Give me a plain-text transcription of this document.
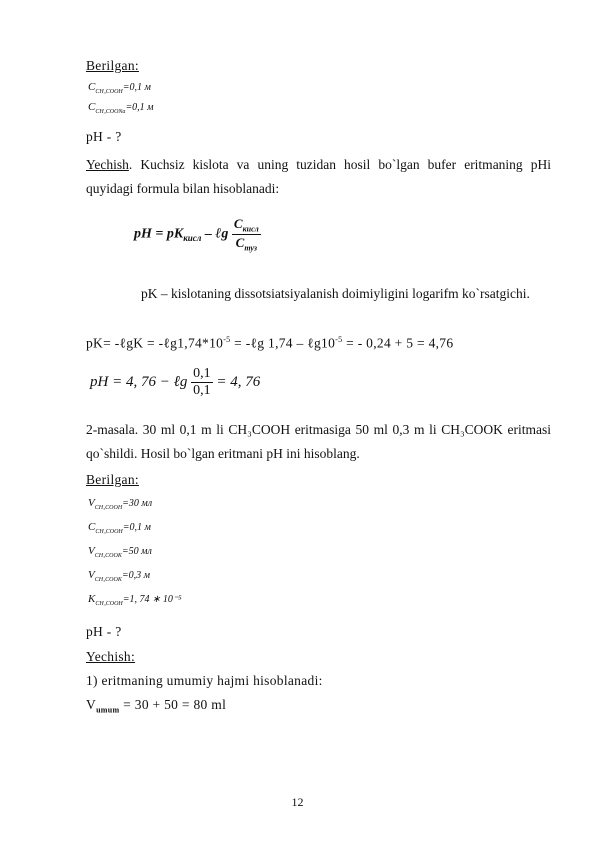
Berilgan:
$C_{CH_3COOH}=0,1$ м
$C_{CH_3COONa}=0,1$ м
pH - ?
Yechish. Kuchsiz kislota va uning tuzidan hosil bo`lgan bufer eritmaning pHi quyidagi formula bilan hisoblanadi:
pH = $pK_{кисл}$ – ℓg $\frac{C_{кисл}}{C_{туз}}$
pK – kislotaning dissotsiatsiyalanish doimiyligini logarifm ko`rsatgichi.
pK= -ℓgK = $-\ell g1,74*10^{-5}$ = -ℓg $1,74 - \ell g10^{-5}$ = - 0,24 + 5 = 4,76
pH = 4, 76 − ℓg $\frac{0,1}{0,1} = 4$, 76
2-masala. 30 ml 0,1 m li CH₃COOH eritmasiga 50 ml 0,3 m li CH₃COOK eritmasi qo`shildi. Hosil bo`lgan eritmani pH ini hisoblang.
Berilgan:
$V_{CH_3COOH}=30$ мл
$C_{CH_3COOH}=0,1$ м
$V_{CH_3COOK}=50$ мл
$V_{CH_3COOK}=0,3$ м
$K_{CH_3COOH}=1$, 74 ∗ 10⁻⁵
pH - ?
Yechish:
1) eritmaning umumiy hajmi hisoblanadi:
$V_{umum} = 30 + 50 = 80$ ml
12
